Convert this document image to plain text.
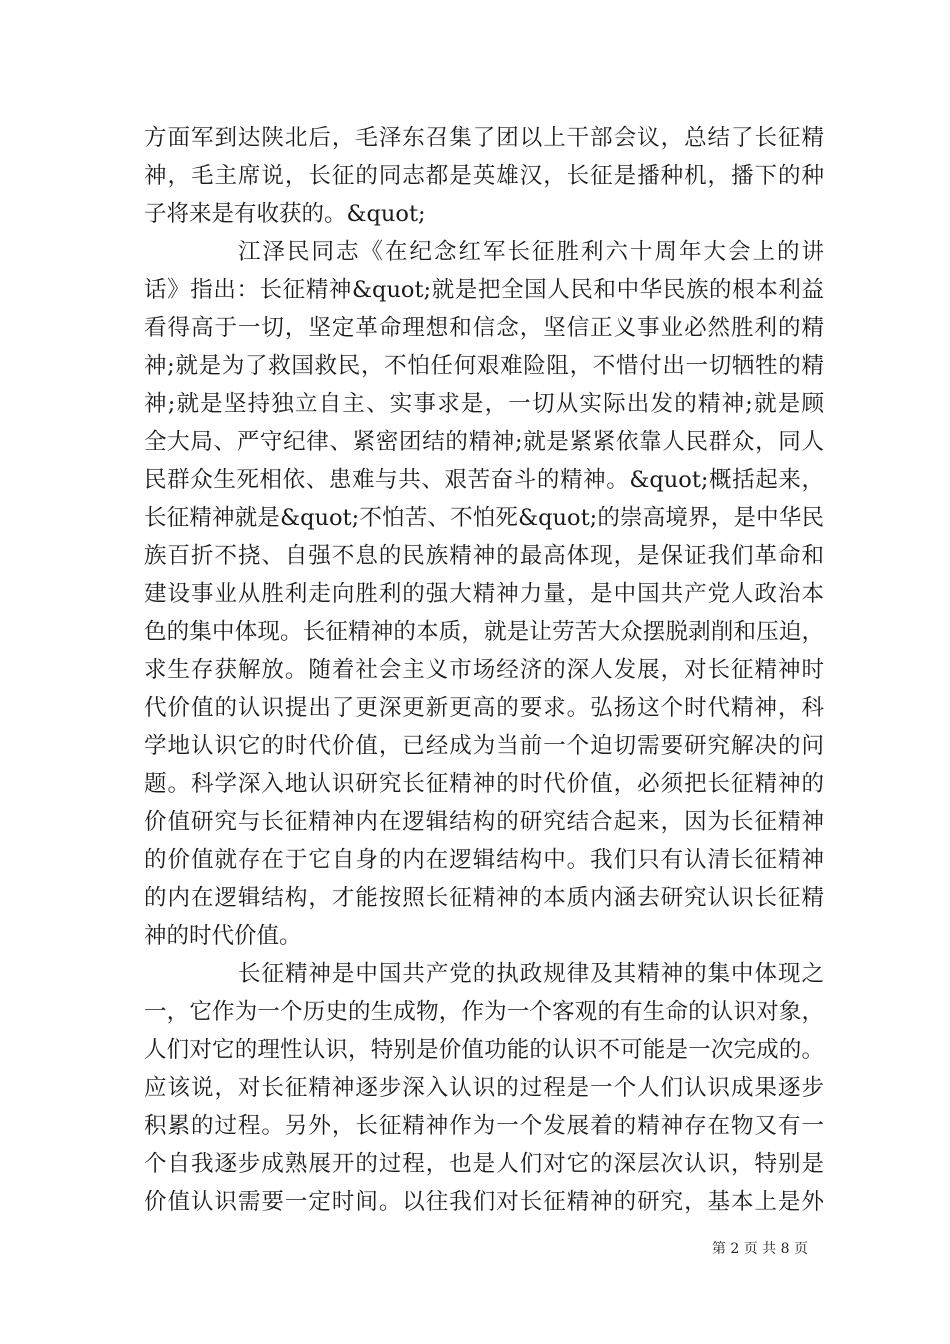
方面军到达陕北后，毛泽东召集了团以上干部会议，总结了长征精
神，毛主席说，长征的同志都是英雄汉，长征是播种机，播下的种
子将来是有收获的。&quot;
江泽民同志《在纪念红军长征胜利六十周年大会上的讲
话》指出：长征精神&quot;就是把全国人民和中华民族的根本利益
看得高于一切，坚定革命理想和信念，坚信正义事业必然胜利的精
神;就是为了救国救民，不怕任何艰难险阻，不惜付出一切牺牲的精
神;就是坚持独立自主、实事求是，一切从实际出发的精神;就是顾
全大局、严守纪律、紧密团结的精神;就是紧紧依靠人民群众，同人
民群众生死相依、患难与共、艰苦奋斗的精神。&quot;概括起来，
长征精神就是&quot;不怕苦、不怕死&quot;的崇高境界，是中华民
族百折不挠、自强不息的民族精神的最高体现，是保证我们革命和
建设事业从胜利走向胜利的强大精神力量，是中国共产党人政治本
色的集中体现。长征精神的本质，就是让劳苦大众摆脱剥削和压迫，
求生存获解放。随着社会主义市场经济的深人发展，对长征精神时
代价值的认识提出了更深更新更高的要求。弘扬这个时代精神，科
学地认识它的时代价值，已经成为当前一个迫切需要研究解决的问
题。科学深入地认识研究长征精神的时代价值，必须把长征精神的
价值研究与长征精神内在逻辑结构的研究结合起来，因为长征精神
的价值就存在于它自身的内在逻辑结构中。我们只有认清长征精神
的内在逻辑结构，才能按照长征精神的本质内涵去研究认识长征精
神的时代价值。
长征精神是中国共产党的执政规律及其精神的集中体现之
一，它作为一个历史的生成物，作为一个客观的有生命的认识对象，
人们对它的理性认识，特别是价值功能的认识不可能是一次完成的。
应该说，对长征精神逐步深入认识的过程是一个人们认识成果逐步
积累的过程。另外，长征精神作为一个发展着的精神存在物又有一
个自我逐步成熟展开的过程，也是人们对它的深层次认识，特别是
价值认识需要一定时间。以往我们对长征精神的研究，基本上是外
第 2 页 共 8 页
